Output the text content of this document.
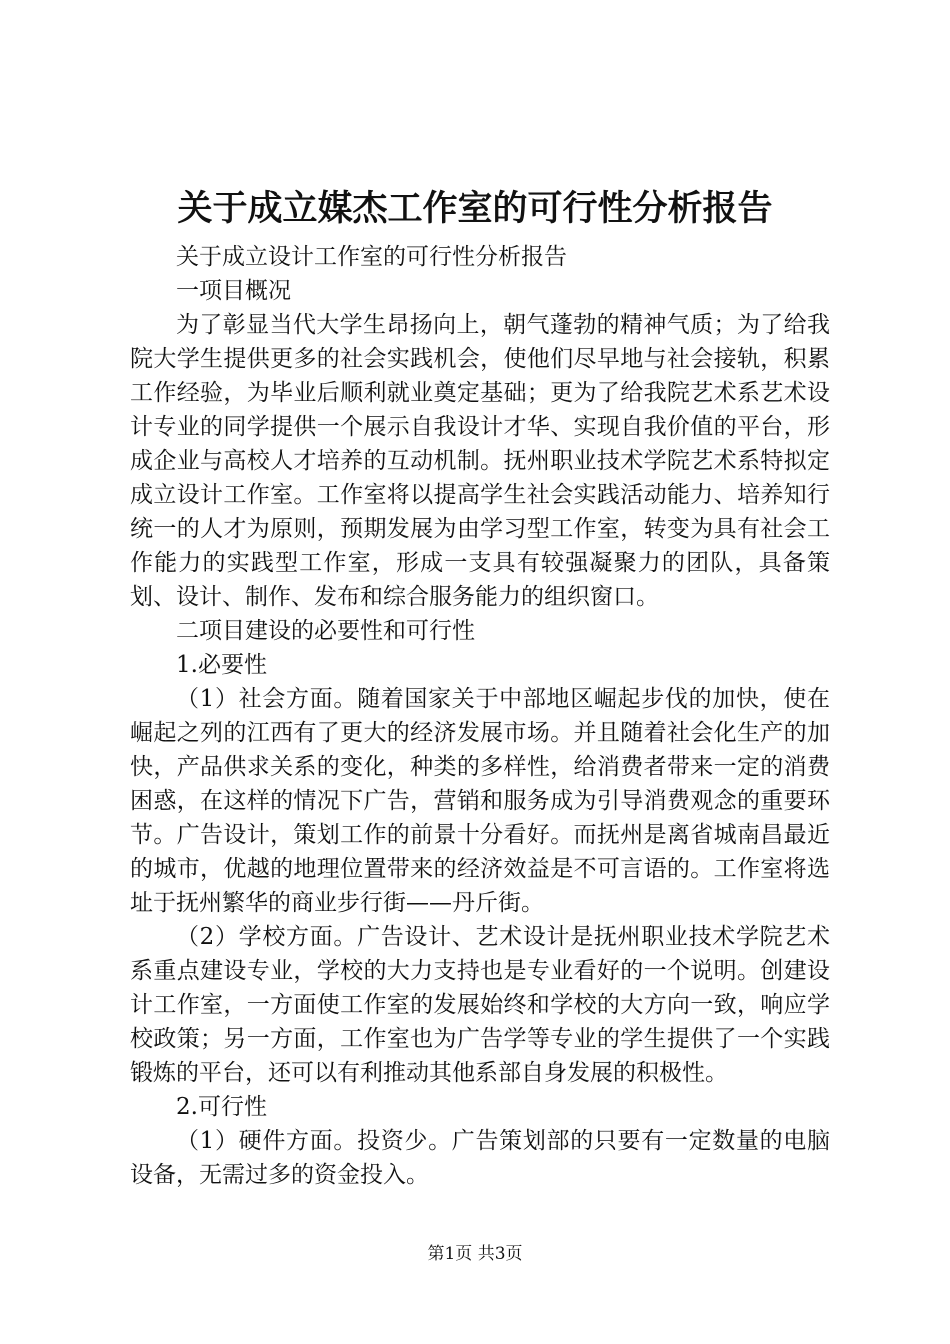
关于成立媒杰工作室的可行性分析报告

关于成立设计工作室的可行性分析报告

一项目概况

为了彰显当代大学生昂扬向上，朝气蓬勃的精神气质；为了给我院大学生提供更多的社会实践机会，使他们尽早地与社会接轨，积累工作经验，为毕业后顺利就业奠定基础；更为了给我院艺术系艺术设计专业的同学提供一个展示自我设计才华、实现自我价值的平台，形成企业与高校人才培养的互动机制。抚州职业技术学院艺术系特拟定成立设计工作室。工作室将以提高学生社会实践活动能力、培养知行统一的人才为原则，预期发展为由学习型工作室，转变为具有社会工作能力的实践型工作室，形成一支具有较强凝聚力的团队，具备策划、设计、制作、发布和综合服务能力的组织窗口。

二项目建设的必要性和可行性

1.必要性

（1）社会方面。随着国家关于中部地区崛起步伐的加快，使在崛起之列的江西有了更大的经济发展市场。并且随着社会化生产的加快，产品供求关系的变化，种类的多样性，给消费者带来一定的消费困惑，在这样的情况下广告，营销和服务成为引导消费观念的重要环节。广告设计，策划工作的前景十分看好。而抚州是离省城南昌最近的城市，优越的地理位置带来的经济效益是不可言语的。工作室将选址于抚州繁华的商业步行街——丹斤街。

（2）学校方面。广告设计、艺术设计是抚州职业技术学院艺术系重点建设专业，学校的大力支持也是专业看好的一个说明。创建设计工作室，一方面使工作室的发展始终和学校的大方向一致，响应学校政策；另一方面，工作室也为广告学等专业的学生提供了一个实践锻炼的平台，还可以有利推动其他系部自身发展的积极性。

2.可行性

（1）硬件方面。投资少。广告策划部的只要有一定数量的电脑设备，无需过多的资金投入。

第1页 共3页
